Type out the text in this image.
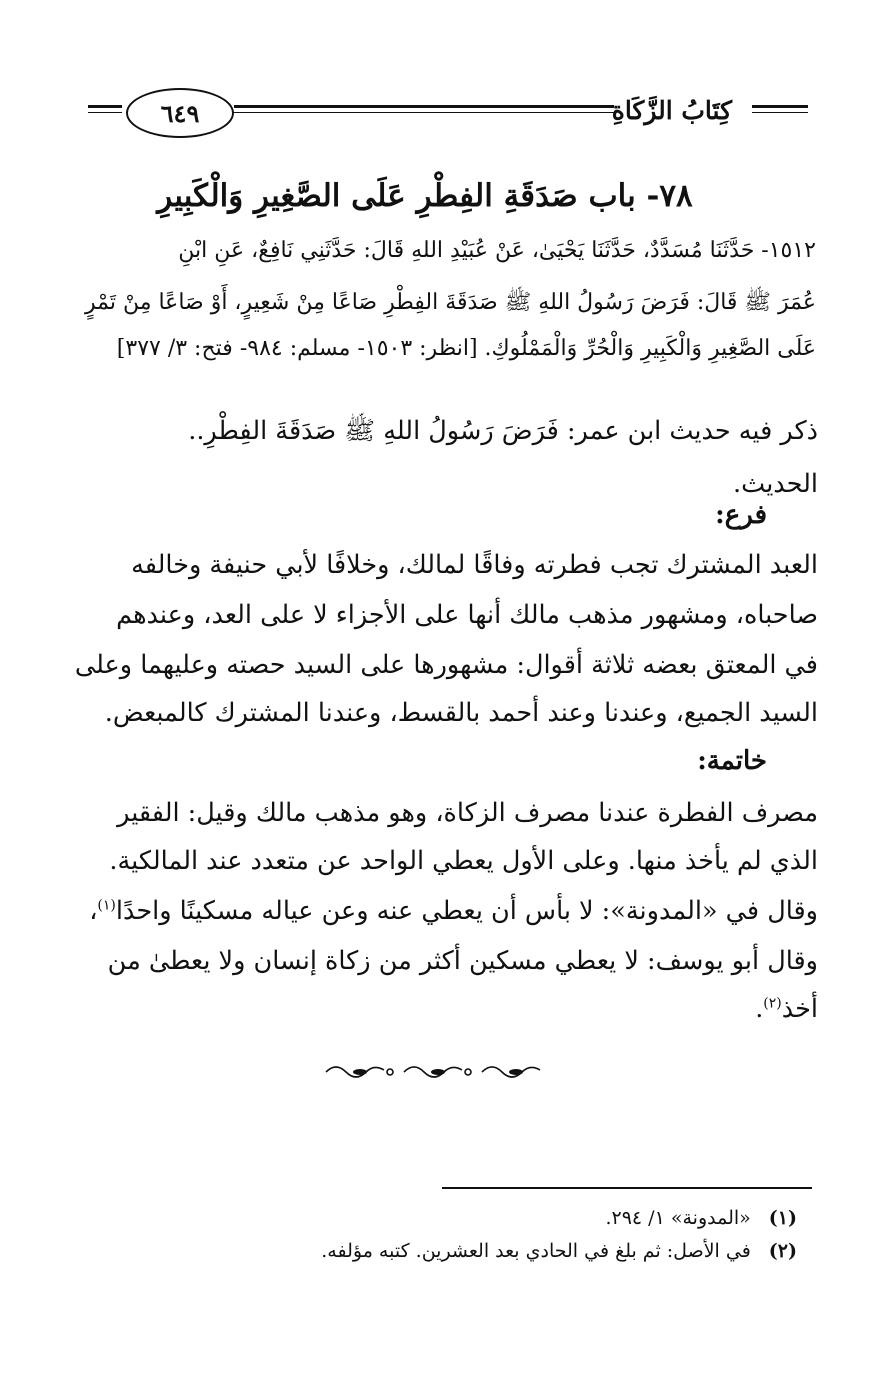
٦٤٩	كِتَابُ الزَّكَاةِ
٧٨- باب صَدَقَةِ الفِطْرِ عَلَى الصَّغِيرِ وَالْكَبِيرِ
١٥١٢- حَدَّثَنَا مُسَدَّدٌ، حَدَّثَنَا يَحْيَىٰ، عَنْ عُبَيْدِ اللهِ قَالَ: حَدَّثَنِي نَافِعٌ، عَنِ ابْنِ
عُمَرَ ﷺ قَالَ: فَرَضَ رَسُولُ اللهِ ﷺ صَدَقَةَ الفِطْرِ صَاعًا مِنْ شَعِيرٍ، أَوْ صَاعًا مِنْ تَمْرٍ
عَلَى الصَّغِيرِ وَالْكَبِيرِ وَالْحُرِّ وَالْمَمْلُوكِ. [انظر: ١٥٠٣- مسلم: ٩٨٤- فتح: ٣/ ٣٧٧]
ذكر فيه حديث ابن عمر: فَرَضَ رَسُولُ اللهِ ﷺ صَدَقَةَ الفِطْرِ..
الحديث.
فرع:
العبد المشترك تجب فطرته وفاقًا لمالك، وخلافًا لأبي حنيفة وخالفه
صاحباه، ومشهور مذهب مالك أنها على الأجزاء لا على العد، وعندهم
في المعتق بعضه ثلاثة أقوال: مشهورها على السيد حصته وعليهما وعلى
السيد الجميع، وعندنا وعند أحمد بالقسط، وعندنا المشترك كالمبعض.
خاتمة:
مصرف الفطرة عندنا مصرف الزكاة، وهو مذهب مالك وقيل: الفقير
الذي لم يأخذ منها. وعلى الأول يعطي الواحد عن متعدد عند المالكية.
وقال في «المدونة»: لا بأس أن يعطي عنه وعن عياله مسكينًا واحدًا$^{(١)}$،
وقال أبو يوسف: لا يعطي مسكين أكثر من زكاة إنسان ولا يعطىٰ من
أخذ$^{(٢)}$.
(١)«المدونة» ١/ ٢٩٤.
(٢)في الأصل: ثم بلغ في الحادي بعد العشرين. كتبه مؤلفه.
